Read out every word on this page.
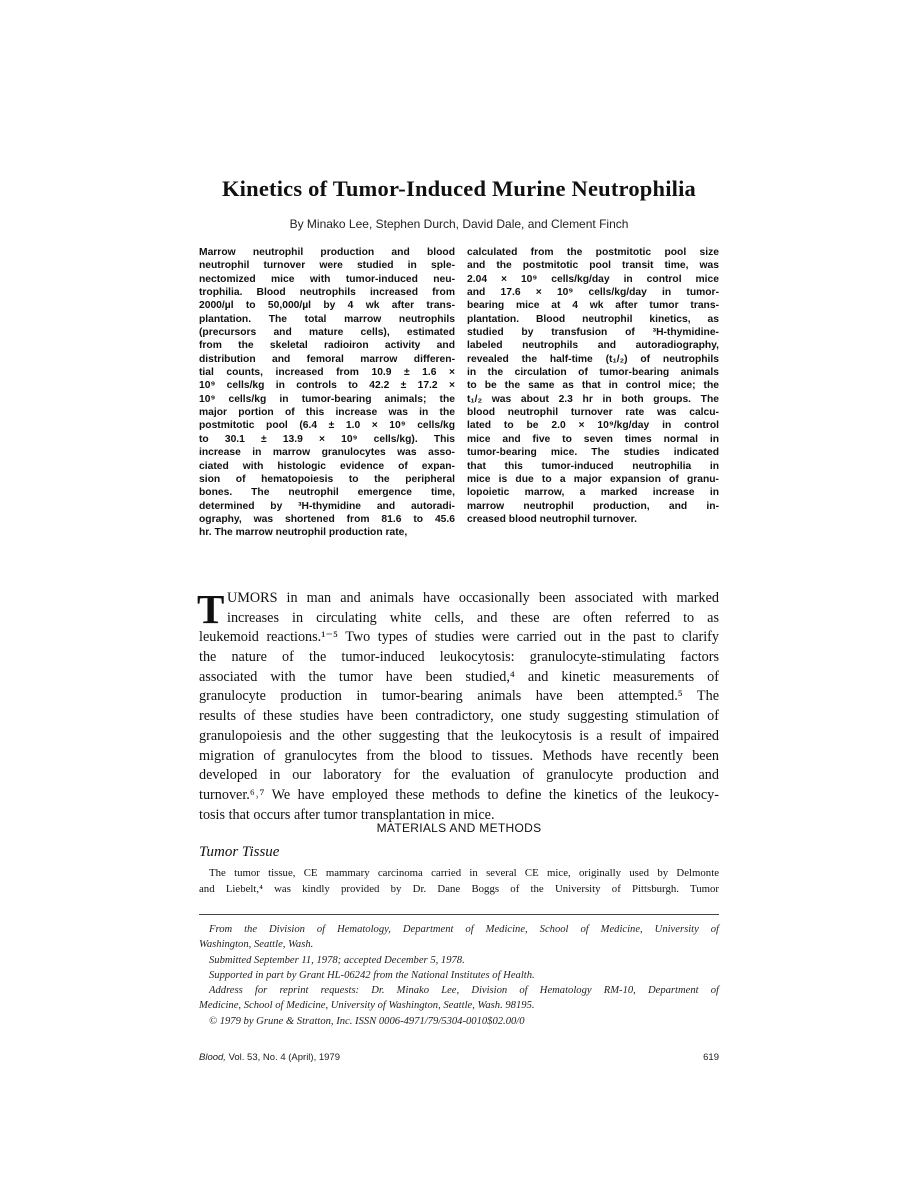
Kinetics of Tumor-Induced Murine Neutrophilia
By Minako Lee, Stephen Durch, David Dale, and Clement Finch
Marrow neutrophil production and blood
neutrophil turnover were studied in sple-
nectomized mice with tumor-induced neu-
trophilia. Blood neutrophils increased from
2000/µl to 50,000/µl by 4 wk after trans-
plantation. The total marrow neutrophils
(precursors and mature cells), estimated
from the skeletal radioiron activity and
distribution and femoral marrow differen-
tial counts, increased from 10.9 ± 1.6 ×
10⁹ cells/kg in controls to 42.2 ± 17.2 ×
10⁹ cells/kg in tumor-bearing animals; the
major portion of this increase was in the
postmitotic pool (6.4 ± 1.0 × 10⁹ cells/kg
to 30.1 ± 13.9 × 10⁹ cells/kg). This
increase in marrow granulocytes was asso-
ciated with histologic evidence of expan-
sion of hematopoiesis to the peripheral
bones. The neutrophil emergence time,
determined by ³H-thymidine and autoradi-
ography, was shortened from 81.6 to 45.6
hr. The marrow neutrophil production rate,
calculated from the postmitotic pool size
and the postmitotic pool transit time, was
2.04 × 10⁹ cells/kg/day in control mice
and 17.6 × 10⁹ cells/kg/day in tumor-
bearing mice at 4 wk after tumor trans-
plantation. Blood neutrophil kinetics, as
studied by transfusion of ³H-thymidine-
labeled neutrophils and autoradiography,
revealed the half-time (t₁/₂) of neutrophils
in the circulation of tumor-bearing animals
to be the same as that in control mice; the
t₁/₂ was about 2.3 hr in both groups. The
blood neutrophil turnover rate was calcu-
lated to be 2.0 × 10⁹/kg/day in control
mice and five to seven times normal in
tumor-bearing mice. The studies indicated
that this tumor-induced neutrophilia in
mice is due to a major expansion of granu-
lopoietic marrow, a marked increase in
marrow neutrophil production, and in-
creased blood neutrophil turnover.
T UMORS in man and animals have occasionally been associated with marked
increases in circulating white cells, and these are often referred to as
leukemoid reactions.¹⁻⁵ Two types of studies were carried out in the past to clarify
the nature of the tumor-induced leukocytosis: granulocyte-stimulating factors
associated with the tumor have been studied,⁴ and kinetic measurements of
granulocyte production in tumor-bearing animals have been attempted.⁵ The
results of these studies have been contradictory, one study suggesting stimulation of
granulopoiesis and the other suggesting that the leukocytosis is a result of impaired
migration of granulocytes from the blood to tissues. Methods have recently been
developed in our laboratory for the evaluation of granulocyte production and
turnover.⁶˒⁷ We have employed these methods to define the kinetics of the leukocy-
tosis that occurs after tumor transplantation in mice.
MATERIALS AND METHODS
Tumor Tissue
The tumor tissue, CE mammary carcinoma carried in several CE mice, originally used by Delmonte
and Liebelt,⁴ was kindly provided by Dr. Dane Boggs of the University of Pittsburgh. Tumor
From the Division of Hematology, Department of Medicine, School of Medicine, University of
Washington, Seattle, Wash.
Submitted September 11, 1978; accepted December 5, 1978.
Supported in part by Grant HL-06242 from the National Institutes of Health.
Address for reprint requests: Dr. Minako Lee, Division of Hematology RM-10, Department of
Medicine, School of Medicine, University of Washington, Seattle, Wash. 98195.
© 1979 by Grune & Stratton, Inc. ISSN 0006-4971/79/5304-0010$02.00/0
Blood, Vol. 53, No. 4 (April), 1979	619
